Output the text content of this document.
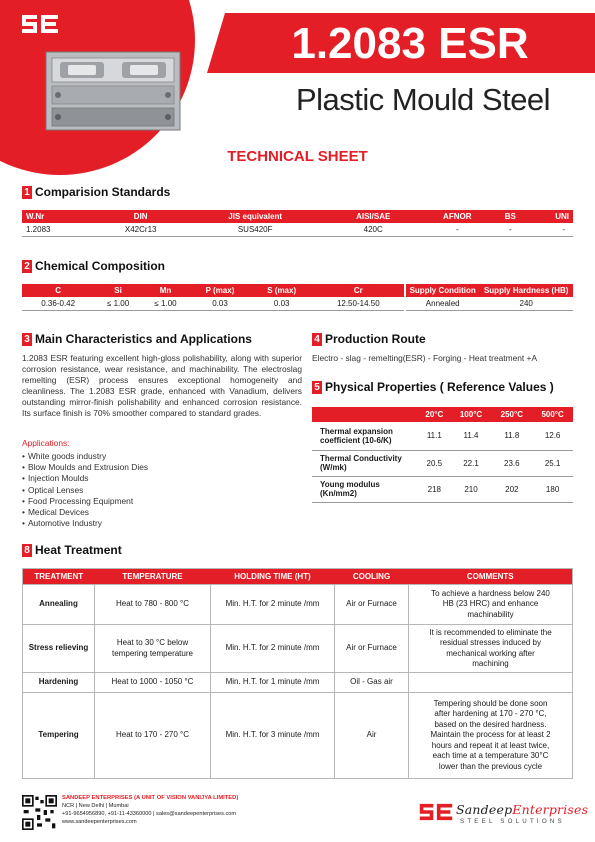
1.2083 ESR
Plastic Mould Steel
TECHNICAL SHEET
1 Comparision Standards
W.Nr	DIN	JIS equivalent	AISI/SAE	AFNOR	BS	UNI
1.2083	X42Cr13	SUS420F	420C	-	-	-
2 Chemical Composition
C	Si	Mn	P (max)	S (max)	Cr
0.36-0.42	≤ 1.00	≤ 1.00	0.03	0.03	12.50-14.50
Supply Condition	Supply Hardness (HB)
Annealed	240
3 Main Characteristics and Applications
1.2083 ESR featuring excellent high-gloss polishability, along with superior corrosion resistance, wear resistance, and machinability. The electroslag remelting (ESR) process ensures exceptional homogeneity and cleanliness. The 1.2083 ESR grade, enhanced with Vanadium, delivers outstanding mirror-finish polishability and enhanced corrosion resistance. Its surface finish is 70% smoother compared to standard grades.
Applications:
• White goods industry
• Blow Moulds and Extrusion Dies
• Injection Moulds
• Optical Lenses
• Food Processing Equipment
• Medical Devices
• Automotive Industry
4 Production Route
Electro - slag - remelting(ESR) - Forging - Heat treatment +A
5 Physical Properties ( Reference Values )
	20°C	100°C	250°C	500°C
Thermal expansion coefficient (10-6/K)	11.1	11.4	11.8	12.6
Thermal Conductivity (W/mk)	20.5	22.1	23.6	25.1
Young modulus (Kn/mm2)	218	210	202	180
8 Heat Treatment
TREATMENT	TEMPERATURE	HOLDING TIME (HT)	COOLING	COMMENTS
Annealing	Heat to 780 - 800 °C	Min. H.T. for 2 minute /mm	Air or Furnace	To achieve a hardness below 240 HB (23 HRC) and enhance machinability
Stress relieving	Heat to 30 °C below tempering temperature	Min. H.T. for 2 minute /mm	Air or Furnace	It is recommended to eliminate the residual stresses induced by mechanical working after machining
Hardening	Heat to 1000 - 1050 °C	Min. H.T. for 1 minute /mm	Oil - Gas air	
Tempering	Heat to 170 - 270 °C	Min. H.T. for 3 minute /mm	Air	Tempering should be done soon after hardening at 170 - 270 °C, based on the desired hardness. Maintain the process for at least 2 hours and repeat it at least twice, each time at a temperature 30°C lower than the previous cycle
SANDEEP ENTERPRISES (A UNIT OF VISION VANIJYA LIMITED)
NCR | New Delhi | Mumbai
+91-9654956890, +91-11-43360000 | sales@sandeepenterprises.com
www.sandeepenterprises.com
SandeepEnterprises
STEEL SOLUTIONS
